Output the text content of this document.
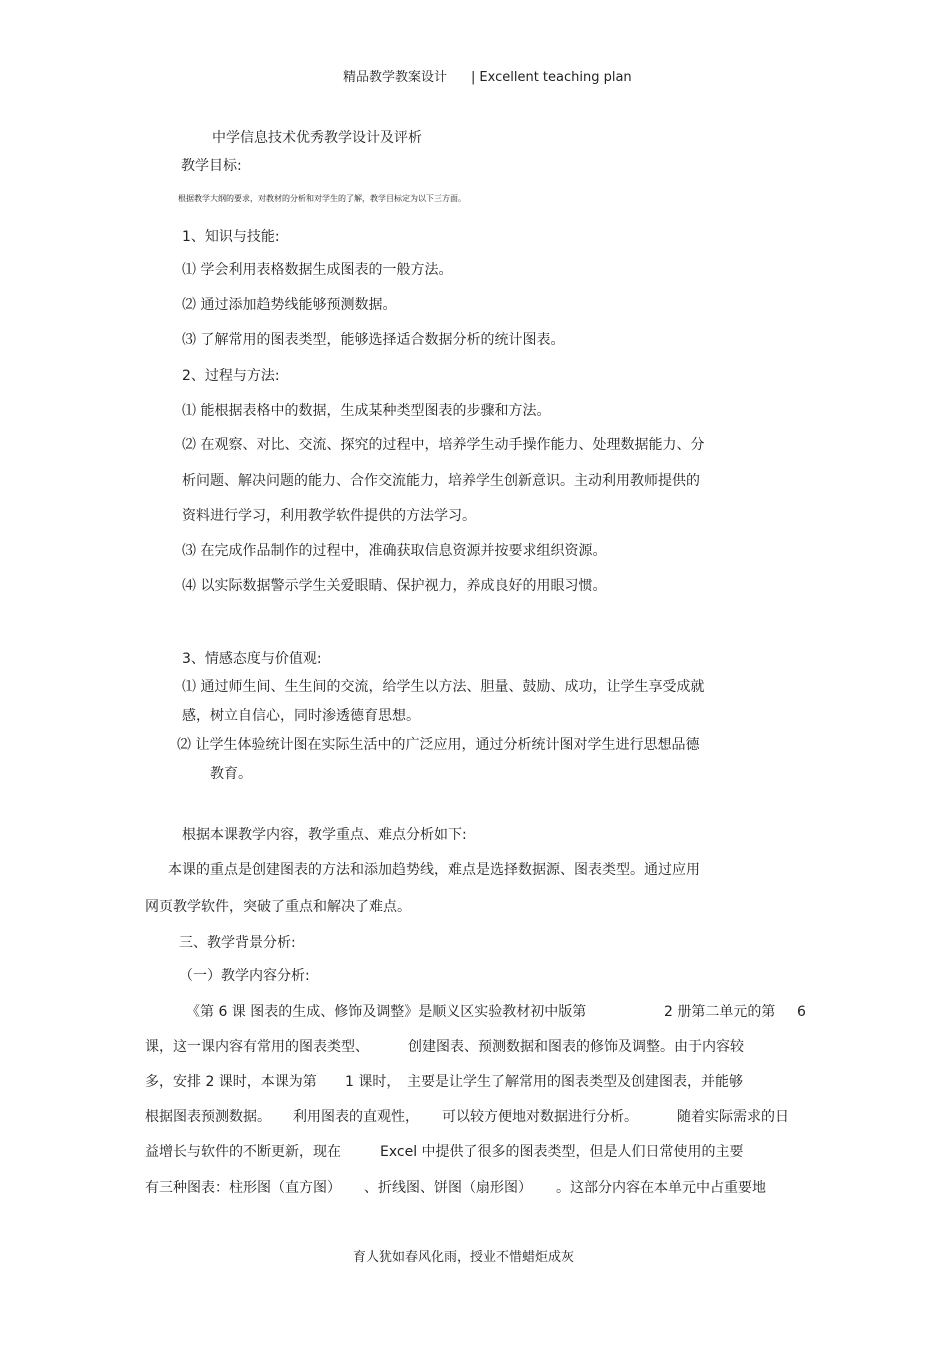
精品教学教案设计 | Excellent teaching plan
中学信息技术优秀教学设计及评析
教学目标:
根据教学大纲的要求，对教材的分析和对学生的了解，教学目标定为以下三方面。
1、知识与技能:
⑴ 学会利用表格数据生成图表的一般方法。
⑵ 通过添加趋势线能够预测数据。
⑶ 了解常用的图表类型，能够选择适合数据分析的统计图表。
2、过程与方法:
⑴ 能根据表格中的数据，生成某种类型图表的步骤和方法。
⑵ 在观察、对比、交流、探究的过程中，培养学生动手操作能力、处理数据能力、分
析问题、解决问题的能力、合作交流能力，培养学生创新意识。主动利用教师提供的
资料进行学习，利用教学软件提供的方法学习。
⑶ 在完成作品制作的过程中，准确获取信息资源并按要求组织资源。
⑷ 以实际数据警示学生关爱眼睛、保护视力，养成良好的用眼习惯。
3、情感态度与价值观:
⑴ 通过师生间、生生间的交流，给学生以方法、胆量、鼓励、成功，让学生享受成就
感，树立自信心，同时渗透德育思想。
⑵ 让学生体验统计图在实际生活中的广泛应用，通过分析统计图对学生进行思想品德
教育。
根据本课教学内容，教学重点、难点分析如下:
本课的重点是创建图表的方法和添加趋势线，难点是选择数据源、图表类型。通过应用
网页教学软件，突破了重点和解决了难点。
三、教学背景分析:
（一）教学内容分析:
《第 6 课 图表的生成、修饰及调整》是顺义区实验教材初中版第	2 册第二单元的第 6
课，这一课内容有常用的图表类型、	创建图表、预测数据和图表的修饰及调整。由于内容较
多，安排 2 课时，本课为第 1 课时， 主要是让学生了解常用的图表类型及创建图表，并能够
根据图表预测数据。 利用图表的直观性， 可以较方便地对数据进行分析。	随着实际需求的日
益增长与软件的不断更新，现在	Excel 中提供了很多的图表类型，但是人们日常使用的主要
有三种图表：柱形图（直方图） 、折线图、饼图（扇形图） 。这部分内容在本单元中占重要地
育人犹如春风化雨，授业不惜蜡炬成灰
